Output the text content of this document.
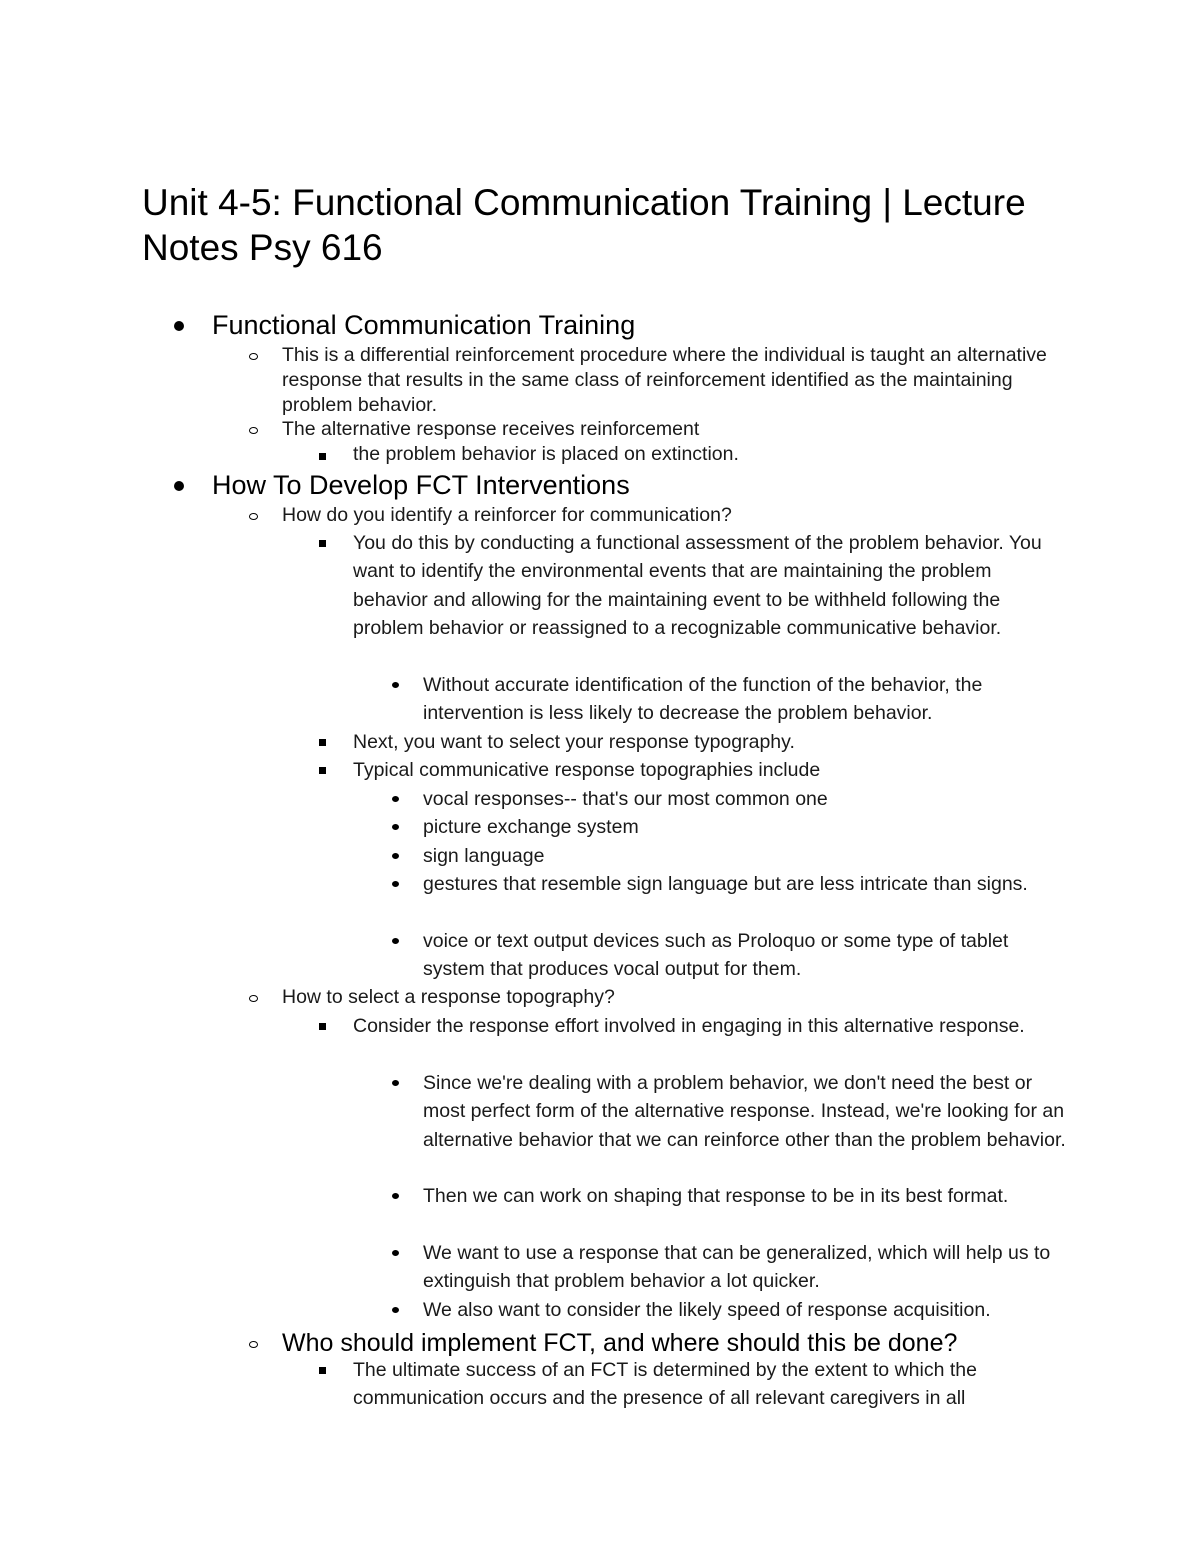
Unit 4-5: Functional Communication Training | Lecture Notes Psy 616
Functional Communication Training
This is a differential reinforcement procedure where the individual is taught an alternative response that results in the same class of reinforcement identified as the maintaining problem behavior.
The alternative response receives reinforcement
the problem behavior is placed on extinction.
How To Develop FCT Interventions
How do you identify a reinforcer for communication?
You do this by conducting a functional assessment of the problem behavior. You want to identify the environmental events that are maintaining the problem behavior and allowing for the maintaining event to be withheld following the problem behavior or reassigned to a recognizable communicative behavior.
Without accurate identification of the function of the behavior, the intervention is less likely to decrease the problem behavior.
Next, you want to select your response typography.
Typical communicative response topographies include
vocal responses-- that's our most common one
picture exchange system
sign language
gestures that resemble sign language but are less intricate than signs.
voice or text output devices such as Proloquo or some type of tablet system that produces vocal output for them.
How to select a response topography?
Consider the response effort involved in engaging in this alternative response.
Since we're dealing with a problem behavior, we don't need the best or most perfect form of the alternative response. Instead, we're looking for an alternative behavior that we can reinforce other than the problem behavior.
Then we can work on shaping that response to be in its best format.
We want to use a response that can be generalized, which will help us to extinguish that problem behavior a lot quicker.
We also want to consider the likely speed of response acquisition.
Who should implement FCT, and where should this be done?
The ultimate success of an FCT is determined by the extent to which the communication occurs and the presence of all relevant caregivers in all
